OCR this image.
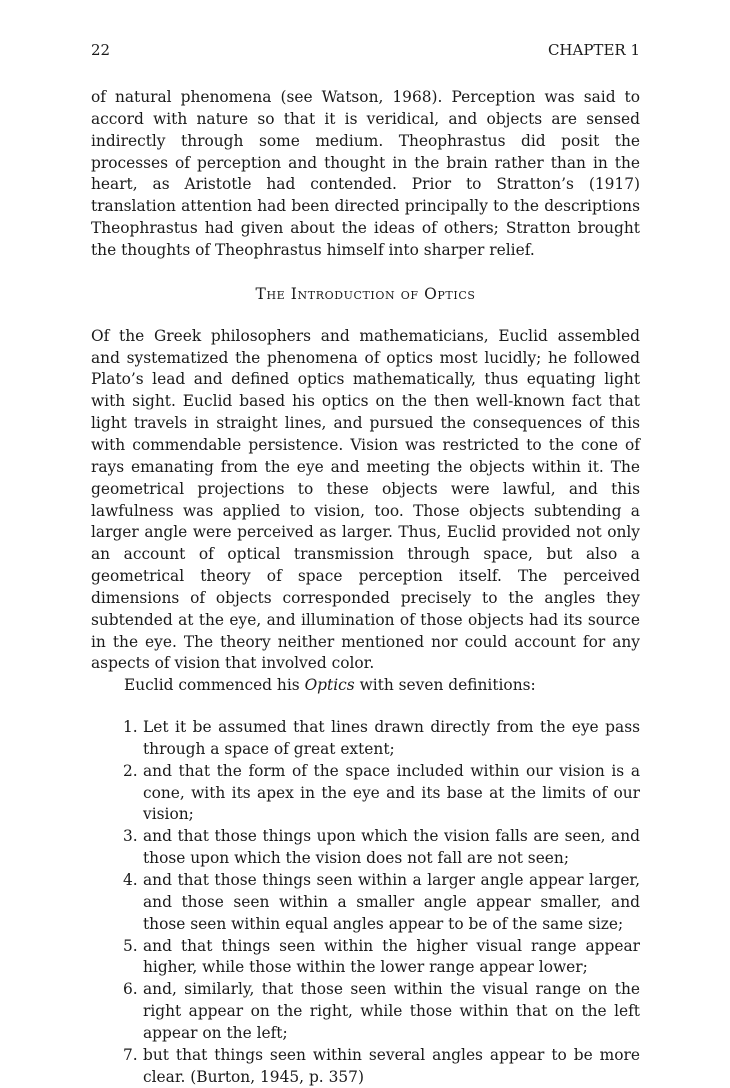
22	CHAPTER 1

of natural phenomena (see Watson, 1968). Perception was said to accord with nature so that it is veridical, and objects are sensed indirectly through some medium. Theophrastus did posit the processes of perception and thought in the brain rather than in the heart, as Aristotle had contended. Prior to Stratton’s (1917) translation attention had been directed principally to the descriptions Theophrastus had given about the ideas of others; Stratton brought the thoughts of Theophrastus himself into sharper relief.

The Introduction of Optics

Of the Greek philosophers and mathematicians, Euclid assembled and systematized the phenomena of optics most lucidly; he followed Plato’s lead and defined optics mathematically, thus equating light with sight. Euclid based his optics on the then well-known fact that light travels in straight lines, and pursued the consequences of this with commendable persistence. Vision was restricted to the cone of rays emanating from the eye and meeting the objects within it. The geometrical projections to these objects were lawful, and this lawfulness was applied to vision, too. Those objects subtending a larger angle were perceived as larger. Thus, Euclid provided not only an account of optical transmission through space, but also a geometrical theory of space perception itself. The perceived dimensions of objects corresponded precisely to the angles they subtended at the eye, and illumination of those objects had its source in the eye. The theory neither mentioned nor could account for any aspects of vision that involved color.

Euclid commenced his Optics with seven definitions:

1. Let it be assumed that lines drawn directly from the eye pass through a space of great extent;
2. and that the form of the space included within our vision is a cone, with its apex in the eye and its base at the limits of our vision;
3. and that those things upon which the vision falls are seen, and those upon which the vision does not fall are not seen;
4. and that those things seen within a larger angle appear larger, and those seen within a smaller angle appear smaller, and those seen within equal angles appear to be of the same size;
5. and that things seen within the higher visual range appear higher, while those within the lower range appear lower;
6. and, similarly, that those seen within the visual range on the right appear on the right, while those within that on the left appear on the left;
7. but that things seen within several angles appear to be more clear. (Burton, 1945, p. 357)
